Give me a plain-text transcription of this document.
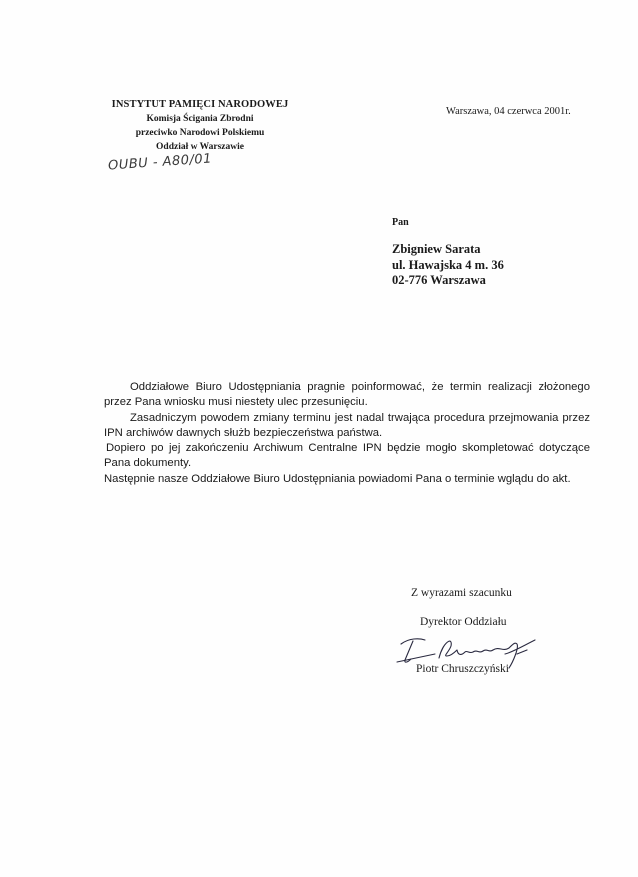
INSTYTUT PAMIĘCI NARODOWEJ
Komisja Ścigania Zbrodni
przeciwko Narodowi Polskiemu
Oddział w Warszawie
Warszawa, 04 czerwca 2001r.
OUBU - A80/01
Pan
Zbigniew Sarata
ul. Hawajska 4 m. 36
02-776 Warszawa

Oddziałowe Biuro Udostępniania pragnie poinformować, że termin realizacji złożonego przez Pana wniosku musi niestety ulec przesunięciu.

Zasadniczym powodem zmiany terminu jest nadal trwająca procedura przejmowania przez IPN archiwów dawnych służb bezpieczeństwa państwa.

Dopiero po jej zakończeniu Archiwum Centralne IPN będzie mogło skompletować dotyczące Pana dokumenty.

Następnie nasze Oddziałowe Biuro Udostępniania powiadomi Pana o terminie wglądu do akt.

Z wyrazami szacunku
Dyrektor Oddziału
Piotr Chruszczyński
